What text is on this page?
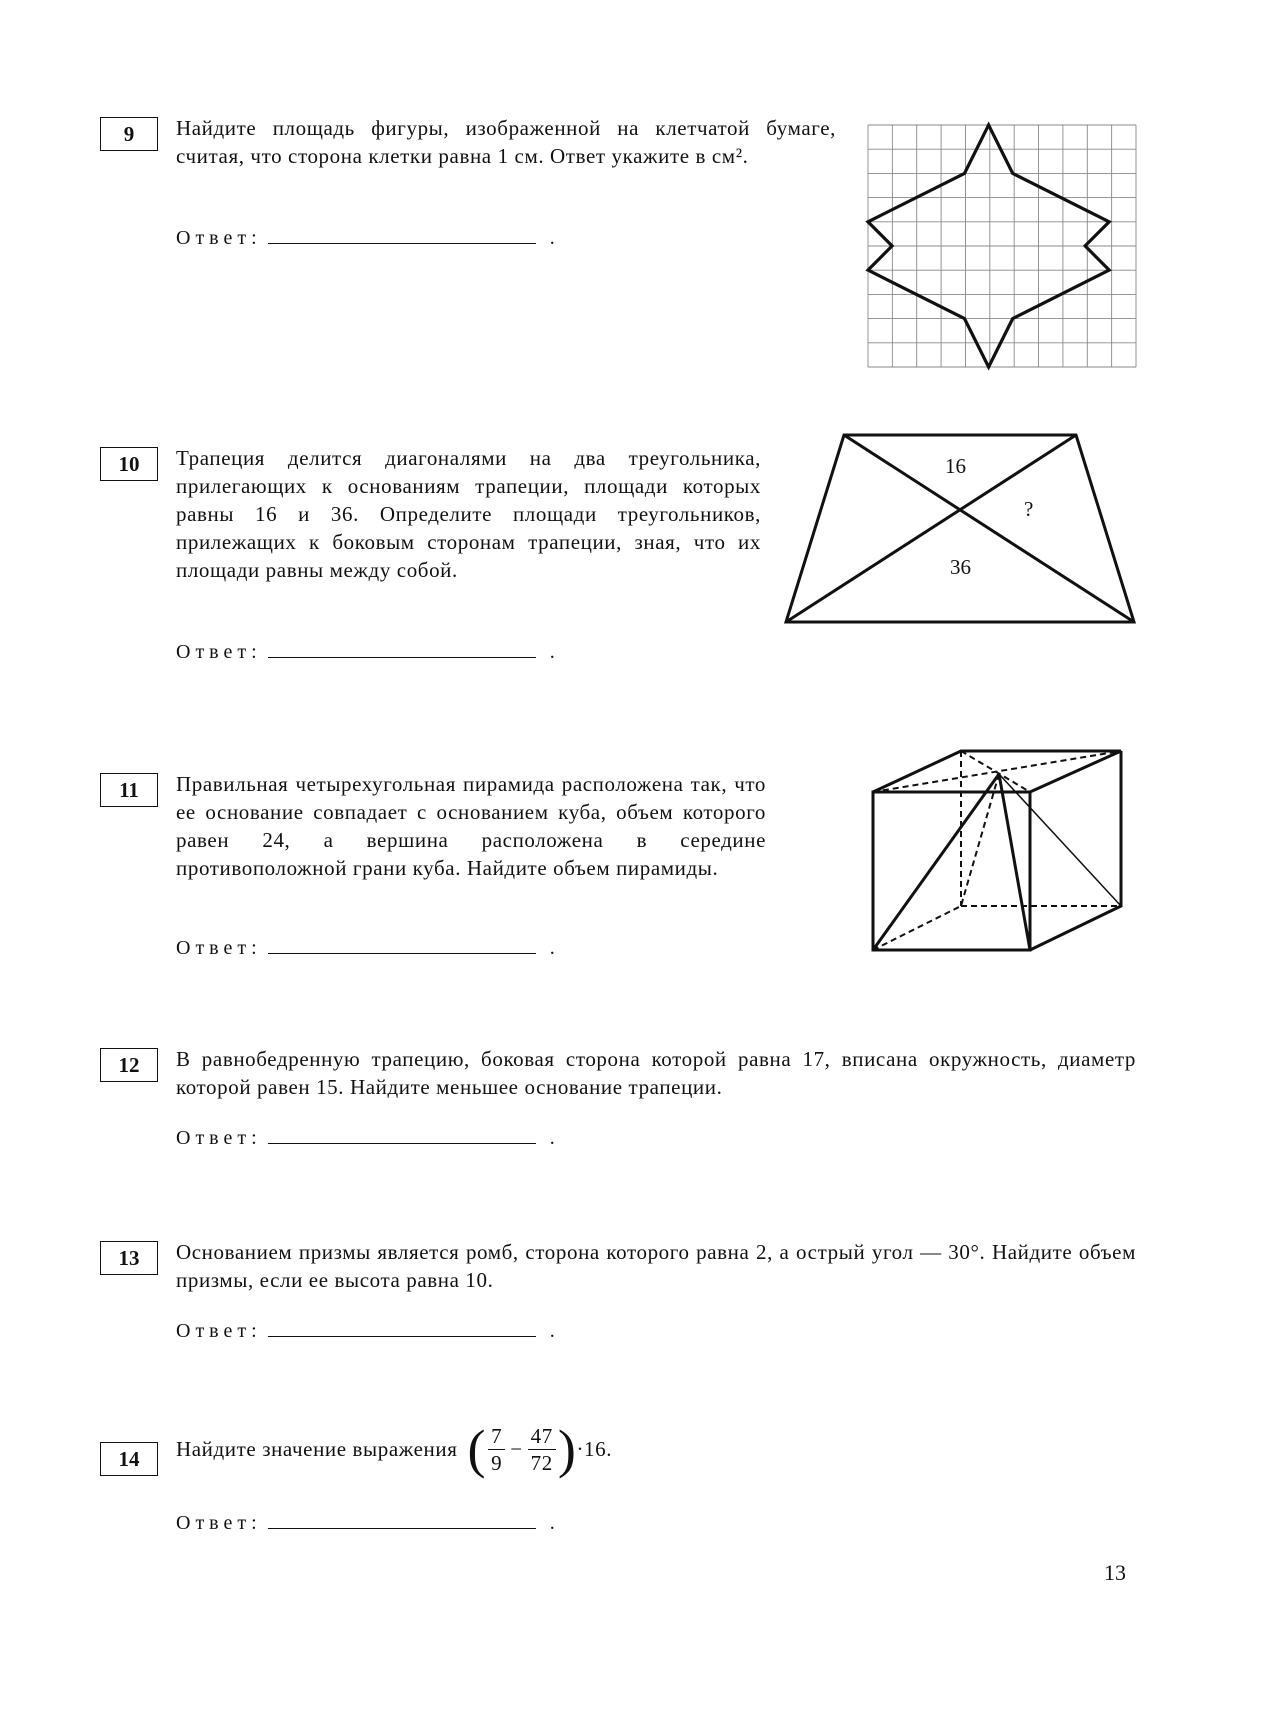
9	Найдите площадь фигуры, изображенной на клетчатой бумаге, считая, что сторона клетки равна 1 см. Ответ укажите в см².
Ответ:	.
10	Трапеция делится диагоналями на два треугольника, прилегающих к основаниям трапеции, площади которых равны 16 и 36. Определите площади треугольников, прилежащих к боковым сторонам трапеции, зная, что их площади равны между собой.
Ответ:	.
16
?
36
11	Правильная четырехугольная пирамида расположена так, что ее основание совпадает с основанием куба, объем которого равен 24, а вершина расположена в середине противоположной грани куба. Найдите объем пирамиды.
Ответ:	.
12	В равнобедренную трапецию, боковая сторона которой равна 17, вписана окружность, диаметр которой равен 15. Найдите меньшее основание трапеции.
Ответ:	.
13	Основанием призмы является ромб, сторона которого равна 2, а острый угол — 30°. Найдите объем призмы, если ее высота равна 10.
Ответ:	.
14	Найдите значение выражения ( $\frac{7}{9} - \frac{47}{72}$ ) ·16.
Ответ:	.
13
